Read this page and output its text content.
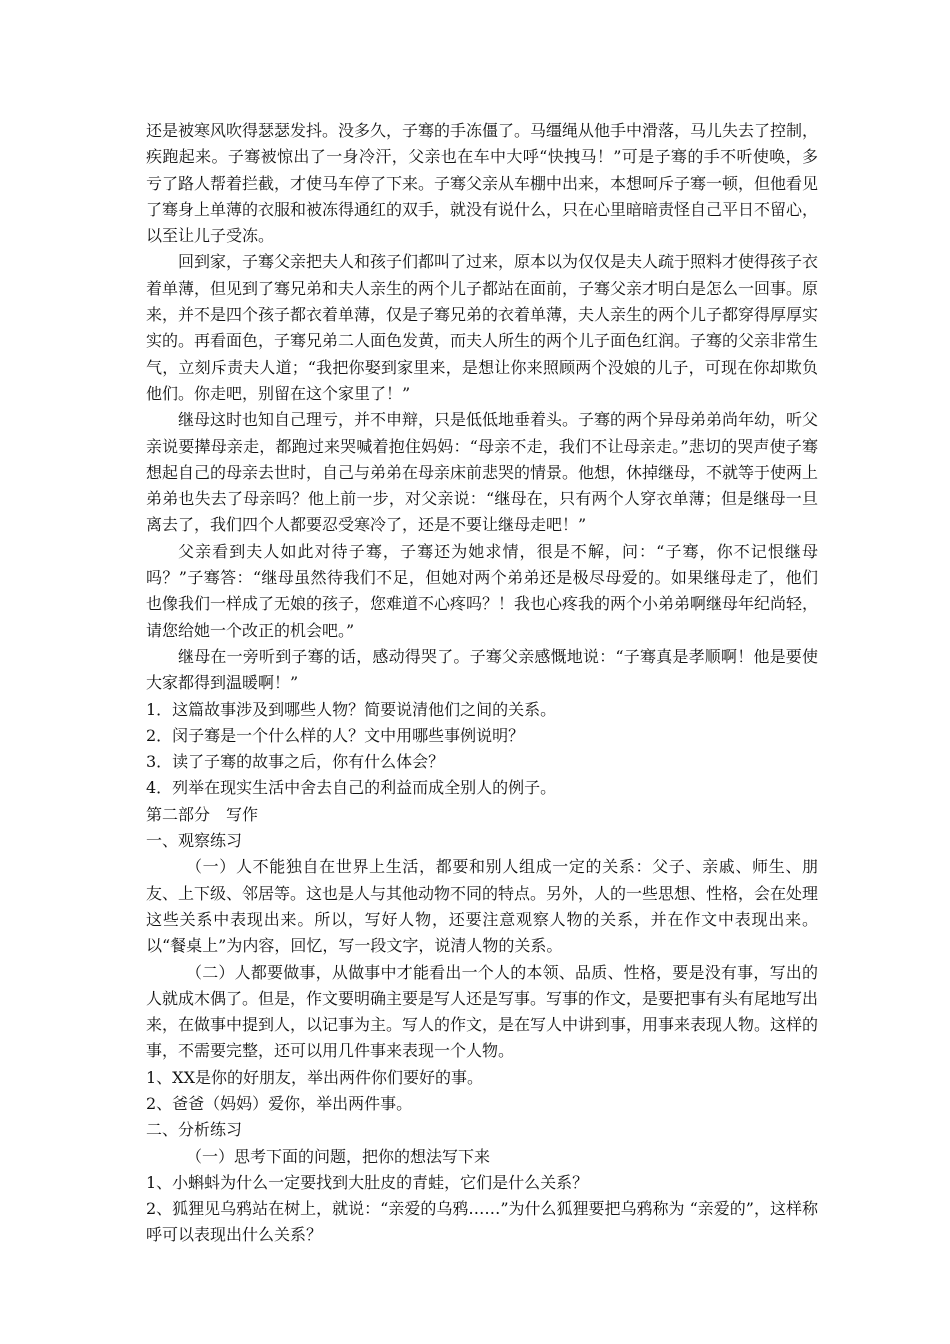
还是被寒风吹得瑟瑟发抖。没多久，子骞的手冻僵了。马缰绳从他手中滑落，马儿失去了控制，疾跑起来。子骞被惊出了一身冷汗，父亲也在车中大呼“快拽马！”可是子骞的手不听使唤，多亏了路人帮着拦截，才使马车停了下来。子骞父亲从车棚中出来，本想呵斥子骞一顿，但他看见了骞身上单薄的衣服和被冻得通红的双手，就没有说什么，只在心里暗暗责怪自己平日不留心，以至让儿子受冻。

回到家，子骞父亲把夫人和孩子们都叫了过来，原本以为仅仅是夫人疏于照料才使得孩子衣着单薄，但见到了骞兄弟和夫人亲生的两个儿子都站在面前，子骞父亲才明白是怎么一回事。原来，并不是四个孩子都衣着单薄，仅是子骞兄弟的衣着单薄，夫人亲生的两个儿子都穿得厚厚实实的。再看面色，子骞兄弟二人面色发黄，而夫人所生的两个儿子面色红润。子骞的父亲非常生气，立刻斥责夫人道；“我把你娶到家里来，是想让你来照顾两个没娘的儿子，可现在你却欺负他们。你走吧，别留在这个家里了！”

继母这时也知自己理亏，并不申辩，只是低低地垂着头。子骞的两个异母弟弟尚年幼，听父亲说要撵母亲走，都跑过来哭喊着抱住妈妈：“母亲不走，我们不让母亲走。”悲切的哭声使子骞想起自己的母亲去世时，自己与弟弟在母亲床前悲哭的情景。他想，休掉继母，不就等于使两上弟弟也失去了母亲吗？他上前一步，对父亲说：“继母在，只有两个人穿衣单薄；但是继母一旦离去了，我们四个人都要忍受寒冷了，还是不要让继母走吧！”

父亲看到夫人如此对待子骞，子骞还为她求情，很是不解，问：“子骞，你不记恨继母吗？”子骞答：“继母虽然待我们不足，但她对两个弟弟还是极尽母爱的。如果继母走了，他们也像我们一样成了无娘的孩子，您难道不心疼吗？！我也心疼我的两个小弟弟啊继母年纪尚轻，请您给她一个改正的机会吧。”

继母在一旁听到子骞的话，感动得哭了。子骞父亲感慨地说：“子骞真是孝顺啊！他是要使大家都得到温暖啊！”

1．这篇故事涉及到哪些人物？简要说清他们之间的关系。

2．闵子骞是一个什么样的人？文中用哪些事例说明？

3．读了子骞的故事之后，你有什么体会？

4．列举在现实生活中舍去自己的利益而成全别人的例子。

第二部分　写作

一、观察练习

（一）人不能独自在世界上生活，都要和别人组成一定的关系：父子、亲戚、师生、朋友、上下级、邻居等。这也是人与其他动物不同的特点。另外，人的一些思想、性格，会在处理这些关系中表现出来。所以，写好人物，还要注意观察人物的关系，并在作文中表现出来。以“餐桌上”为内容，回忆，写一段文字，说清人物的关系。

（二）人都要做事，从做事中才能看出一个人的本领、品质、性格，要是没有事，写出的人就成木偶了。但是，作文要明确主要是写人还是写事。写事的作文，是要把事有头有尾地写出来，在做事中提到人，以记事为主。写人的作文，是在写人中讲到事，用事来表现人物。这样的事，不需要完整，还可以用几件事来表现一个人物。

1、XX是你的好朋友，举出两件你们要好的事。

2、爸爸（妈妈）爱你，举出两件事。

二、分析练习

（一）思考下面的问题，把你的想法写下来

1、小蝌蚪为什么一定要找到大肚皮的青蛙，它们是什么关系？

2、狐狸见乌鸦站在树上，就说：“亲爱的乌鸦……”为什么狐狸要把乌鸦称为 “亲爱的”，这样称呼可以表现出什么关系？
